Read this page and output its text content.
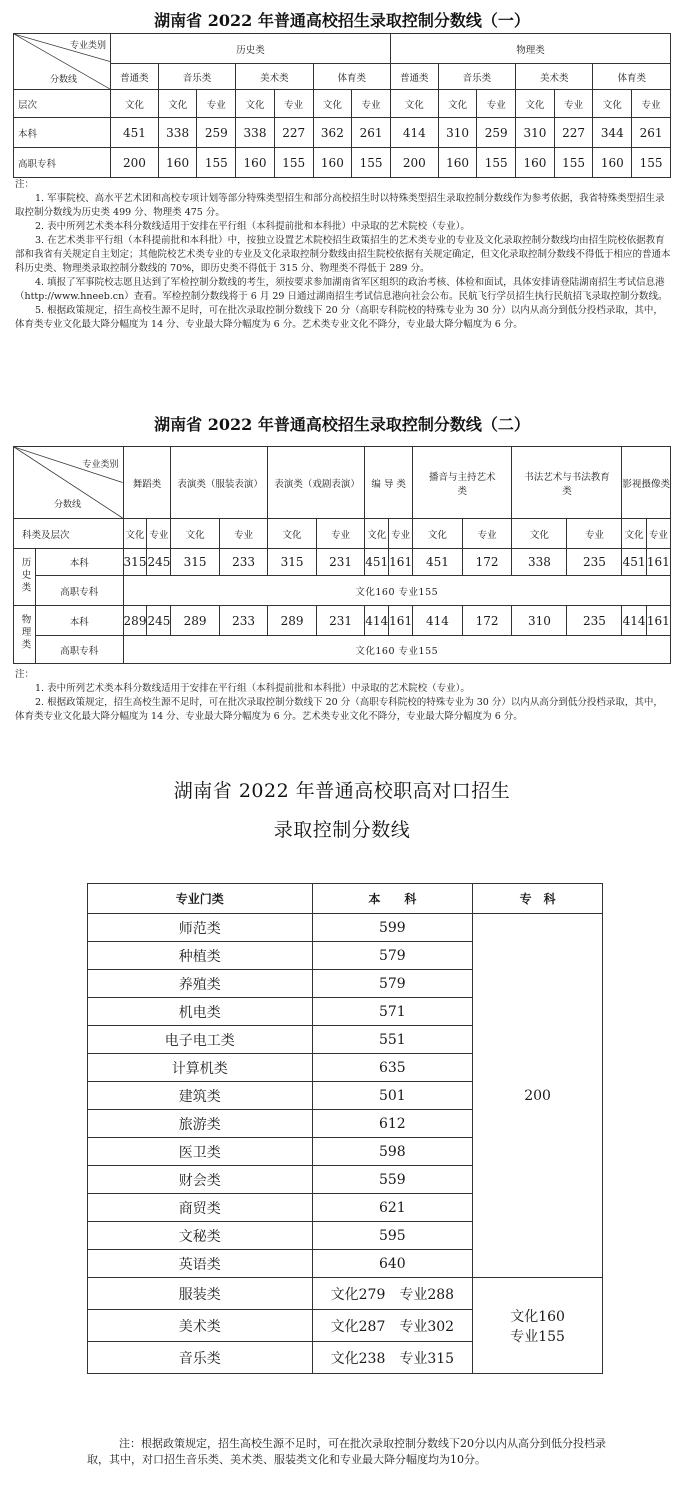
湖南省 2022 年普通高校招生录取控制分数线（一）
专业类别
分数线	历史类							物理类						
	普通类	音乐类		美术类		体育类		普通类	音乐类		美术类		体育类	
层次	文化	文化	专业	文化	专业	文化	专业	文化	文化	专业	文化	专业	文化	专业
本科	451	338	259	338	227	362	261	414	310	259	310	227	344	261
高职专科	200	160	155	160	155	160	155	200	160	155	160	155	160	155

注：

1. 军事院校、高水平艺术团和高校专项计划等部分特殊类型招生和部分高校招生时以特殊类型招生录取控制分数线作为参考依据，我省特殊类型招生录取控制分数线为历史类 499 分、物理类 475 分。

2. 表中所列艺术类本科分数线适用于安排在平行组（本科提前批和本科批）中录取的艺术院校（专业）。

3. 在艺术类非平行组（本科提前批和本科批）中，按独立设置艺术院校招生政策招生的艺术类专业的专业及文化录取控制分数线均由招生院校依据教育部和我省有关规定自主划定；其他院校艺术类专业的专业及文化录取控制分数线由招生院校依据有关规定确定，但文化录取控制分数线不得低于相应的普通本科历史类、物理类录取控制分数线的 70%，即历史类不得低于 315 分、物理类不得低于 289 分。

4. 填报了军事院校志愿且达到了军检控制分数线的考生，须按要求参加湖南省军区组织的政治考核、体检和面试，具体安排请登陆湖南招生考试信息港（http://www.hneeb.cn）查看。军检控制分数线将于 6 月 29 日通过湖南招生考试信息港向社会公布。民航飞行学员招生执行民航招飞录取控制分数线。

5. 根据政策规定，招生高校生源不足时，可在批次录取控制分数线下 20 分（高职专科院校的特殊专业为 30 分）以内从高分到低分投档录取，其中，体育类专业文化最大降分幅度为 14 分、专业最大降分幅度为 6 分。艺术类专业文化不降分，专业最大降分幅度为 6 分。

湖南省 2022 年普通高校招生录取控制分数线（二）
专业类别
分数线		舞蹈类		表演类（服装表演）		表演类（戏剧表演）		编 导 类		播音与主持艺术类		书法艺术与书法教育类		影视摄像类	
科类及层次		文化	专业	文化	专业	文化	专业	文化	专业	文化	专业	文化	专业	文化	专业
历史类	本科	315	245	315	233	315	231	451	161	451	172	338	235	451	161
	高职专科	文化160 专业155													
物理类	本科	289	245	289	233	289	231	414	161	414	172	310	235	414	161
	高职专科	文化160 专业155													

注：

1. 表中所列艺术类本科分数线适用于安排在平行组（本科提前批和本科批）中录取的艺术院校（专业）。

2. 根据政策规定，招生高校生源不足时，可在批次录取控制分数线下 20 分（高职专科院校的特殊专业为 30 分）以内从高分到低分投档录取，其中，体育类专业文化最大降分幅度为 14 分、专业最大降分幅度为 6 分。艺术类专业文化不降分，专业最大降分幅度为 6 分。

湖南省 2022 年普通高校职高对口招生
录取控制分数线
专业门类	本　　科	专　科
师范类	599	200
种植类	579	
养殖类	579	
机电类	571	
电子电工类	551	
计算机类	635	
建筑类	501	
旅游类	612	
医卫类	598	
财会类	559	
商贸类	621	
文秘类	595	
英语类	640	
服装类	文化279　专业288	文化160
专业155

美术类	文化287　专业302	
音乐类	文化238　专业315	

注：根据政策规定，招生高校生源不足时，可在批次录取控制分数线下20分以内从高分到低分投档录取，其中，对口招生音乐类、美术类、服装类文化和专业最大降分幅度均为10分。
